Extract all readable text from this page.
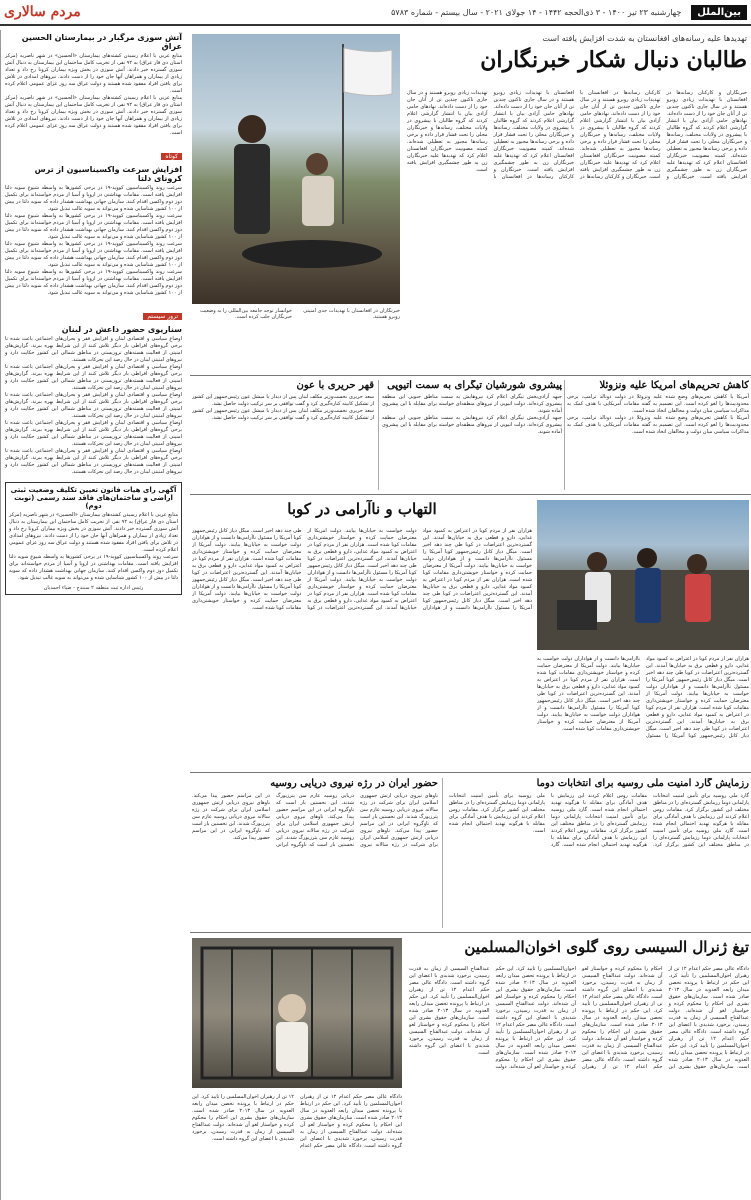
بین‌الملل
چهارشنبه ۲۳ تیر ۱۴۰۰ - ۳ ذی‌الحجه ۱۴۴۲ - ۱۴ جولای ۲۰۲۱ - سال بیستم - شماره ۵۷۸۳
مردم سالاری
آتش سوزی مرگبار در بیمارستان الحسین عراق
منابع عربی با اعلام رسیدن کشته‌های بیمارستان «الحسین» در شهر ناصریه (مرکز استان ذی قار عراق) به ۹۲ نفر، از تخریب کامل ساختمان این بیمارستان به دنبال آتش سوزی گسترده خبر دادند. آتش سوزی در بخش ویژه بیماران کرونا رخ داد و تعداد زیادی از بیماران و همراهان آنها جان خود را از دست دادند. نیروهای امدادی در تلاش برای یافتن افراد مفقود شده هستند و دولت عراق سه روز عزای عمومی اعلام کرده است.
منابع عربی با اعلام رسیدن کشته‌های بیمارستان «الحسین» در شهر ناصریه (مرکز استان ذی قار عراق) به ۹۲ نفر، از تخریب کامل ساختمان این بیمارستان به دنبال آتش سوزی گسترده خبر دادند. آتش سوزی در بخش ویژه بیماران کرونا رخ داد و تعداد زیادی از بیماران و همراهان آنها جان خود را از دست دادند. نیروهای امدادی در تلاش برای یافتن افراد مفقود شده هستند و دولت عراق سه روز عزای عمومی اعلام کرده است.
کوتاه
افزایش سرعت واکسیناسیون از ترس کرونای دلتا
سرعت روند واکسیناسیون کووید-۱۹ در برخی کشورها به واسطه شیوع سویه دلتا افزایش یافته است. مقامات بهداشتی در اروپا و آسیا از مردم خواسته‌اند برای تکمیل دوز دوم واکسن اقدام کنند. سازمان جهانی بهداشت هشدار داده که سویه دلتا در بیش از ۱۰۰ کشور شناسایی شده و می‌تواند به سویه غالب تبدیل شود.
سرعت روند واکسیناسیون کووید-۱۹ در برخی کشورها به واسطه شیوع سویه دلتا افزایش یافته است. مقامات بهداشتی در اروپا و آسیا از مردم خواسته‌اند برای تکمیل دوز دوم واکسن اقدام کنند. سازمان جهانی بهداشت هشدار داده که سویه دلتا در بیش از ۱۰۰ کشور شناسایی شده و می‌تواند به سویه غالب تبدیل شود.
سرعت روند واکسیناسیون کووید-۱۹ در برخی کشورها به واسطه شیوع سویه دلتا افزایش یافته است. مقامات بهداشتی در اروپا و آسیا از مردم خواسته‌اند برای تکمیل دوز دوم واکسن اقدام کنند. سازمان جهانی بهداشت هشدار داده که سویه دلتا در بیش از ۱۰۰ کشور شناسایی شده و می‌تواند به سویه غالب تبدیل شود.
سرعت روند واکسیناسیون کووید-۱۹ در برخی کشورها به واسطه شیوع سویه دلتا افزایش یافته است. مقامات بهداشتی در اروپا و آسیا از مردم خواسته‌اند برای تکمیل دوز دوم واکسن اقدام کنند. سازمان جهانی بهداشت هشدار داده که سویه دلتا در بیش از ۱۰۰ کشور شناسایی شده و می‌تواند به سویه غالب تبدیل شود.
ترور سیستم
سناریوی حضور داعش در لبنان
اوضاع سیاسی و اقتصادی لبنان و افزایش فقر و بحران‌های اجتماعی باعث شده تا برخی گروه‌های افراطی بار دیگر تلاش کنند از این شرایط بهره ببرند. گزارش‌های امنیتی از فعالیت هسته‌های تروریستی در مناطق شمالی این کشور حکایت دارد و نیروهای امنیتی لبنان در حال رصد این تحرکات هستند.
اوضاع سیاسی و اقتصادی لبنان و افزایش فقر و بحران‌های اجتماعی باعث شده تا برخی گروه‌های افراطی بار دیگر تلاش کنند از این شرایط بهره ببرند. گزارش‌های امنیتی از فعالیت هسته‌های تروریستی در مناطق شمالی این کشور حکایت دارد و نیروهای امنیتی لبنان در حال رصد این تحرکات هستند.
اوضاع سیاسی و اقتصادی لبنان و افزایش فقر و بحران‌های اجتماعی باعث شده تا برخی گروه‌های افراطی بار دیگر تلاش کنند از این شرایط بهره ببرند. گزارش‌های امنیتی از فعالیت هسته‌های تروریستی در مناطق شمالی این کشور حکایت دارد و نیروهای امنیتی لبنان در حال رصد این تحرکات هستند.
اوضاع سیاسی و اقتصادی لبنان و افزایش فقر و بحران‌های اجتماعی باعث شده تا برخی گروه‌های افراطی بار دیگر تلاش کنند از این شرایط بهره ببرند. گزارش‌های امنیتی از فعالیت هسته‌های تروریستی در مناطق شمالی این کشور حکایت دارد و نیروهای امنیتی لبنان در حال رصد این تحرکات هستند.
اوضاع سیاسی و اقتصادی لبنان و افزایش فقر و بحران‌های اجتماعی باعث شده تا برخی گروه‌های افراطی بار دیگر تلاش کنند از این شرایط بهره ببرند. گزارش‌های امنیتی از فعالیت هسته‌های تروریستی در مناطق شمالی این کشور حکایت دارد و نیروهای امنیتی لبنان در حال رصد این تحرکات هستند.
آگهی رای هیات فانون تعیین تکلیف وضعیت ثبتی اراضی و ساختمان‌های فاقد سند رسمی (نوبت دوم)
منابع عربی با اعلام رسیدن کشته‌های بیمارستان «الحسین» در شهر ناصریه (مرکز استان ذی قار عراق) به ۹۲ نفر، از تخریب کامل ساختمان این بیمارستان به دنبال آتش سوزی گسترده خبر دادند. آتش سوزی در بخش ویژه بیماران کرونا رخ داد و تعداد زیادی از بیماران و همراهان آنها جان خود را از دست دادند. نیروهای امدادی در تلاش برای یافتن افراد مفقود شده هستند و دولت عراق سه روز عزای عمومی اعلام کرده است.
سرعت روند واکسیناسیون کووید-۱۹ در برخی کشورها به واسطه شیوع سویه دلتا افزایش یافته است. مقامات بهداشتی در اروپا و آسیا از مردم خواسته‌اند برای تکمیل دوز دوم واکسن اقدام کنند. سازمان جهانی بهداشت هشدار داده که سویه دلتا در بیش از ۱۰۰ کشور شناسایی شده و می‌تواند به سویه غالب تبدیل شود.
رئیس اداره ثبت منطقه ۲ سنندج - ضیاء احمدیان
تهدیدها علیه رسانه‌های افغانستان به شدت افزایش یافته است
طالبان دنبال شکار خبرنگاران
خبرنگاران و کارکنان رسانه‌ها در افغانستان با تهدیدات زیادی روبرو هستند و در سال جاری تاکنون چندین تن از آنان جان خود را از دست داده‌اند. نهادهای حامی آزادی بیان با انتشار گزارشی اعلام کردند که گروه طالبان با پیشروی در ولایات مختلف، رسانه‌ها و خبرنگاران محلی را تحت فشار قرار داده و برخی رسانه‌ها مجبور به تعطیلی شده‌اند. کمیته مصونیت خبرنگاران افغانستان اعلام کرد که تهدیدها علیه خبرنگاران زن به طور چشمگیری افزایش یافته است. خبرنگاران و کارکنان رسانه‌ها در افغانستان با تهدیدات زیادی روبرو هستند و در سال جاری تاکنون چندین تن از آنان جان خود را از دست داده‌اند. نهادهای حامی آزادی بیان با انتشار گزارشی اعلام کردند که گروه طالبان با پیشروی در ولایات مختلف، رسانه‌ها و خبرنگاران محلی را تحت فشار قرار داده و برخی رسانه‌ها مجبور به تعطیلی شده‌اند. کمیته مصونیت خبرنگاران افغانستان اعلام کرد که تهدیدها علیه خبرنگاران زن به طور چشمگیری افزایش یافته است. خبرنگاران و کارکنان رسانه‌ها در افغانستان با تهدیدات زیادی روبرو هستند و در سال جاری تاکنون چندین تن از آنان جان خود را از دست داده‌اند. نهادهای حامی آزادی بیان با انتشار گزارشی اعلام کردند که گروه طالبان با پیشروی در ولایات مختلف، رسانه‌ها و خبرنگاران محلی را تحت فشار قرار داده و برخی رسانه‌ها مجبور به تعطیلی شده‌اند. کمیته مصونیت خبرنگاران افغانستان اعلام کرد که تهدیدها علیه خبرنگاران زن به طور چشمگیری افزایش یافته است. خبرنگاران و کارکنان رسانه‌ها در افغانستان با تهدیدات زیادی روبرو هستند و در سال جاری تاکنون چندین تن از آنان جان خود را از دست داده‌اند. نهادهای حامی آزادی بیان با انتشار گزارشی اعلام کردند که گروه طالبان با پیشروی در ولایات مختلف، رسانه‌ها و خبرنگاران محلی را تحت فشار قرار داده و برخی رسانه‌ها مجبور به تعطیلی شده‌اند. کمیته مصونیت خبرنگاران افغانستان اعلام کرد که تهدیدها علیه خبرنگاران زن به طور چشمگیری افزایش یافته است.
خوانسار توجه جامعه بین‌المللی را به وضعیت خبرنگاران جلب کرده است.
خبرنگاران در افغانستان با تهدیدات جدی امنیتی روبرو هستند.
کاهش تحریم‌های آمریکا علیه ونزوئلا
آمریکا با کاهش تحریم‌های وضع شده علیه ونزوئلا در دولت دونالد ترامپ، برخی محدودیت‌ها را لغو کرده است. این تصمیم به گفته مقامات آمریکایی با هدف کمک به مذاکرات سیاسی میان دولت و مخالفان اتخاذ شده است.
آمریکا با کاهش تحریم‌های وضع شده علیه ونزوئلا در دولت دونالد ترامپ، برخی محدودیت‌ها را لغو کرده است. این تصمیم به گفته مقامات آمریکایی با هدف کمک به مذاکرات سیاسی میان دولت و مخالفان اتخاذ شده است.
پیشروی شورشیان تیگرای به سمت آتیوپی
جبهه آزادی‌بخش تیگرای اعلام کرد نیروهایش به سمت مناطق جنوبی این منطقه پیشروی کرده‌اند. دولت اتیوپی از نیروهای منطقه‌ای خواسته برای مقابله با این پیشروی آماده شوند.
جبهه آزادی‌بخش تیگرای اعلام کرد نیروهایش به سمت مناطق جنوبی این منطقه پیشروی کرده‌اند. دولت اتیوپی از نیروهای منطقه‌ای خواسته برای مقابله با این پیشروی آماده شوند.
قهر حریری با عون
سعد حریری نخست‌وزیر مکلف لبنان پس از دیدار با میشل عون رئیس‌جمهور این کشور از تشکیل کابینه کناره‌گیری کرد و گفت توافقی بر سر ترکیب دولت حاصل نشد.
سعد حریری نخست‌وزیر مکلف لبنان پس از دیدار با میشل عون رئیس‌جمهور این کشور از تشکیل کابینه کناره‌گیری کرد و گفت توافقی بر سر ترکیب دولت حاصل نشد.
التهاب و ناآرامی در کوبا
هزاران نفر از مردم کوبا در اعتراض به کمبود مواد غذایی، دارو و قطعی برق به خیابان‌ها آمدند. این گسترده‌ترین اعتراضات در کوبا طی چند دهه اخیر است. میگل دیاز کانل رئیس‌جمهور کوبا آمریکا را مسئول ناآرامی‌ها دانست و از هواداران دولت خواست به خیابان‌ها بیایند. دولت آمریکا از معترضان حمایت کرده و خواستار خویشتن‌داری مقامات کوبا شده است. هزاران نفر از مردم کوبا در اعتراض به کمبود مواد غذایی، دارو و قطعی برق به خیابان‌ها آمدند. این گسترده‌ترین اعتراضات در کوبا طی چند دهه اخیر است. میگل دیاز کانل رئیس‌جمهور کوبا آمریکا را مسئول ناآرامی‌ها دانست و از هواداران دولت خواست به خیابان‌ها بیایند. دولت آمریکا از معترضان حمایت کرده و خواستار خویشتن‌داری مقامات کوبا شده است. هزاران نفر از مردم کوبا در اعتراض به کمبود مواد غذایی، دارو و قطعی برق به خیابان‌ها آمدند. این گسترده‌ترین اعتراضات در کوبا طی چند دهه اخیر است. میگل دیاز کانل رئیس‌جمهور کوبا آمریکا را مسئول ناآرامی‌ها دانست و از هواداران دولت خواست به خیابان‌ها بیایند. دولت آمریکا از معترضان حمایت کرده و خواستار خویشتن‌داری مقامات کوبا شده است. هزاران نفر از مردم کوبا در اعتراض به کمبود مواد غذایی، دارو و قطعی برق به خیابان‌ها آمدند. این گسترده‌ترین اعتراضات در کوبا طی چند دهه اخیر است. میگل دیاز کانل رئیس‌جمهور کوبا آمریکا را مسئول ناآرامی‌ها دانست و از هواداران دولت خواست به خیابان‌ها بیایند. دولت آمریکا از معترضان حمایت کرده و خواستار خویشتن‌داری مقامات کوبا شده است. هزاران نفر از مردم کوبا در اعتراض به کمبود مواد غذایی، دارو و قطعی برق به خیابان‌ها آمدند. این گسترده‌ترین اعتراضات در کوبا طی چند دهه اخیر است. میگل دیاز کانل رئیس‌جمهور کوبا آمریکا را مسئول ناآرامی‌ها دانست و از هواداران دولت خواست به خیابان‌ها بیایند. دولت آمریکا از معترضان حمایت کرده و خواستار خویشتن‌داری مقامات کوبا شده است.
هزاران نفر از مردم کوبا در اعتراض به کمبود مواد غذایی، دارو و قطعی برق به خیابان‌ها آمدند. این گسترده‌ترین اعتراضات در کوبا طی چند دهه اخیر است. میگل دیاز کانل رئیس‌جمهور کوبا آمریکا را مسئول ناآرامی‌ها دانست و از هواداران دولت خواست به خیابان‌ها بیایند. دولت آمریکا از معترضان حمایت کرده و خواستار خویشتن‌داری مقامات کوبا شده است. هزاران نفر از مردم کوبا در اعتراض به کمبود مواد غذایی، دارو و قطعی برق به خیابان‌ها آمدند. این گسترده‌ترین اعتراضات در کوبا طی چند دهه اخیر است. میگل دیاز کانل رئیس‌جمهور کوبا آمریکا را مسئول ناآرامی‌ها دانست و از هواداران دولت خواست به خیابان‌ها بیایند. دولت آمریکا از معترضان حمایت کرده و خواستار خویشتن‌داری مقامات کوبا شده است. هزاران نفر از مردم کوبا در اعتراض به کمبود مواد غذایی، دارو و قطعی برق به خیابان‌ها آمدند. این گسترده‌ترین اعتراضات در کوبا طی چند دهه اخیر است. میگل دیاز کانل رئیس‌جمهور کوبا آمریکا را مسئول ناآرامی‌ها دانست و از هواداران دولت خواست به خیابان‌ها بیایند. دولت آمریکا از معترضان حمایت کرده و خواستار خویشتن‌داری مقامات کوبا شده است.
رزمایش گارد امنیت ملی روسیه برای انتخابات دوما
گارد ملی روسیه برای تأمین امنیت انتخابات پارلمانی دوما رزمایش گسترده‌ای را در مناطق مختلف این کشور برگزار کرد. مقامات روس اعلام کردند این رزمایش با هدف آمادگی برای مقابله با هرگونه تهدید احتمالی انجام شده است. گارد ملی روسیه برای تأمین امنیت انتخابات پارلمانی دوما رزمایش گسترده‌ای را در مناطق مختلف این کشور برگزار کرد. مقامات روس اعلام کردند این رزمایش با هدف آمادگی برای مقابله با هرگونه تهدید احتمالی انجام شده است. گارد ملی روسیه برای تأمین امنیت انتخابات پارلمانی دوما رزمایش گسترده‌ای را در مناطق مختلف این کشور برگزار کرد. مقامات روس اعلام کردند این رزمایش با هدف آمادگی برای مقابله با هرگونه تهدید احتمالی انجام شده است. گارد ملی روسیه برای تأمین امنیت انتخابات پارلمانی دوما رزمایش گسترده‌ای را در مناطق مختلف این کشور برگزار کرد. مقامات روس اعلام کردند این رزمایش با هدف آمادگی برای مقابله با هرگونه تهدید احتمالی انجام شده است.
حضور ایران در رژه نیروی دریایی روسیه
ناوهای نیروی دریایی ارتش جمهوری اسلامی ایران برای شرکت در رژه سالانه نیروی دریایی روسیه عازم سن پترزبورگ شدند. این نخستین بار است که ناوگروه ایرانی در این مراسم حضور پیدا می‌کند. ناوهای نیروی دریایی ارتش جمهوری اسلامی ایران برای شرکت در رژه سالانه نیروی دریایی روسیه عازم سن پترزبورگ شدند. این نخستین بار است که ناوگروه ایرانی در این مراسم حضور پیدا می‌کند. ناوهای نیروی دریایی ارتش جمهوری اسلامی ایران برای شرکت در رژه سالانه نیروی دریایی روسیه عازم سن پترزبورگ شدند. این نخستین بار است که ناوگروه ایرانی در این مراسم حضور پیدا می‌کند. ناوهای نیروی دریایی ارتش جمهوری اسلامی ایران برای شرکت در رژه سالانه نیروی دریایی روسیه عازم سن پترزبورگ شدند. این نخستین بار است که ناوگروه ایرانی در این مراسم حضور پیدا می‌کند.
تیغ ژنرال السیسی روی گلوی اخوان‌المسلمین
دادگاه عالی مصر حکم اعدام ۱۲ تن از رهبران اخوان‌المسلمین را تأیید کرد. این حکم در ارتباط با پرونده تحصن میدان رابعه العدویه در سال ۲۰۱۳ صادر شده است. سازمان‌های حقوق بشری این احکام را محکوم کرده و خواستار لغو آن شده‌اند. دولت عبدالفتاح السیسی از زمان به قدرت رسیدن، برخورد شدیدی با اعضای این گروه داشته است. دادگاه عالی مصر حکم اعدام ۱۲ تن از رهبران اخوان‌المسلمین را تأیید کرد. این حکم در ارتباط با پرونده تحصن میدان رابعه العدویه در سال ۲۰۱۳ صادر شده است. سازمان‌های حقوق بشری این احکام را محکوم کرده و خواستار لغو آن شده‌اند. دولت عبدالفتاح السیسی از زمان به قدرت رسیدن، برخورد شدیدی با اعضای این گروه داشته است. دادگاه عالی مصر حکم اعدام ۱۲ تن از رهبران اخوان‌المسلمین را تأیید کرد. این حکم در ارتباط با پرونده تحصن میدان رابعه العدویه در سال ۲۰۱۳ صادر شده است. سازمان‌های حقوق بشری این احکام را محکوم کرده و خواستار لغو آن شده‌اند. دولت عبدالفتاح السیسی از زمان به قدرت رسیدن، برخورد شدیدی با اعضای این گروه داشته است. دادگاه عالی مصر حکم اعدام ۱۲ تن از رهبران اخوان‌المسلمین را تأیید کرد. این حکم در ارتباط با پرونده تحصن میدان رابعه العدویه در سال ۲۰۱۳ صادر شده است. سازمان‌های حقوق بشری این احکام را محکوم کرده و خواستار لغو آن شده‌اند. دولت عبدالفتاح السیسی از زمان به قدرت رسیدن، برخورد شدیدی با اعضای این گروه داشته است. دادگاه عالی مصر حکم اعدام ۱۲ تن از رهبران اخوان‌المسلمین را تأیید کرد. این حکم در ارتباط با پرونده تحصن میدان رابعه العدویه در سال ۲۰۱۳ صادر شده است. سازمان‌های حقوق بشری این احکام را محکوم کرده و خواستار لغو آن شده‌اند. دولت عبدالفتاح السیسی از زمان به قدرت رسیدن، برخورد شدیدی با اعضای این گروه داشته است. دادگاه عالی مصر حکم اعدام ۱۲ تن از رهبران اخوان‌المسلمین را تأیید کرد. این حکم در ارتباط با پرونده تحصن میدان رابعه العدویه در سال ۲۰۱۳ صادر شده است. سازمان‌های حقوق بشری این احکام را محکوم کرده و خواستار لغو آن شده‌اند. دولت عبدالفتاح السیسی از زمان به قدرت رسیدن، برخورد شدیدی با اعضای این گروه داشته است.
دادگاه عالی مصر حکم اعدام ۱۲ تن از رهبران اخوان‌المسلمین را تأیید کرد. این حکم در ارتباط با پرونده تحصن میدان رابعه العدویه در سال ۲۰۱۳ صادر شده است. سازمان‌های حقوق بشری این احکام را محکوم کرده و خواستار لغو آن شده‌اند. دولت عبدالفتاح السیسی از زمان به قدرت رسیدن، برخورد شدیدی با اعضای این گروه داشته است. دادگاه عالی مصر حکم اعدام ۱۲ تن از رهبران اخوان‌المسلمین را تأیید کرد. این حکم در ارتباط با پرونده تحصن میدان رابعه العدویه در سال ۲۰۱۳ صادر شده است. سازمان‌های حقوق بشری این احکام را محکوم کرده و خواستار لغو آن شده‌اند. دولت عبدالفتاح السیسی از زمان به قدرت رسیدن، برخورد شدیدی با اعضای این گروه داشته است.
